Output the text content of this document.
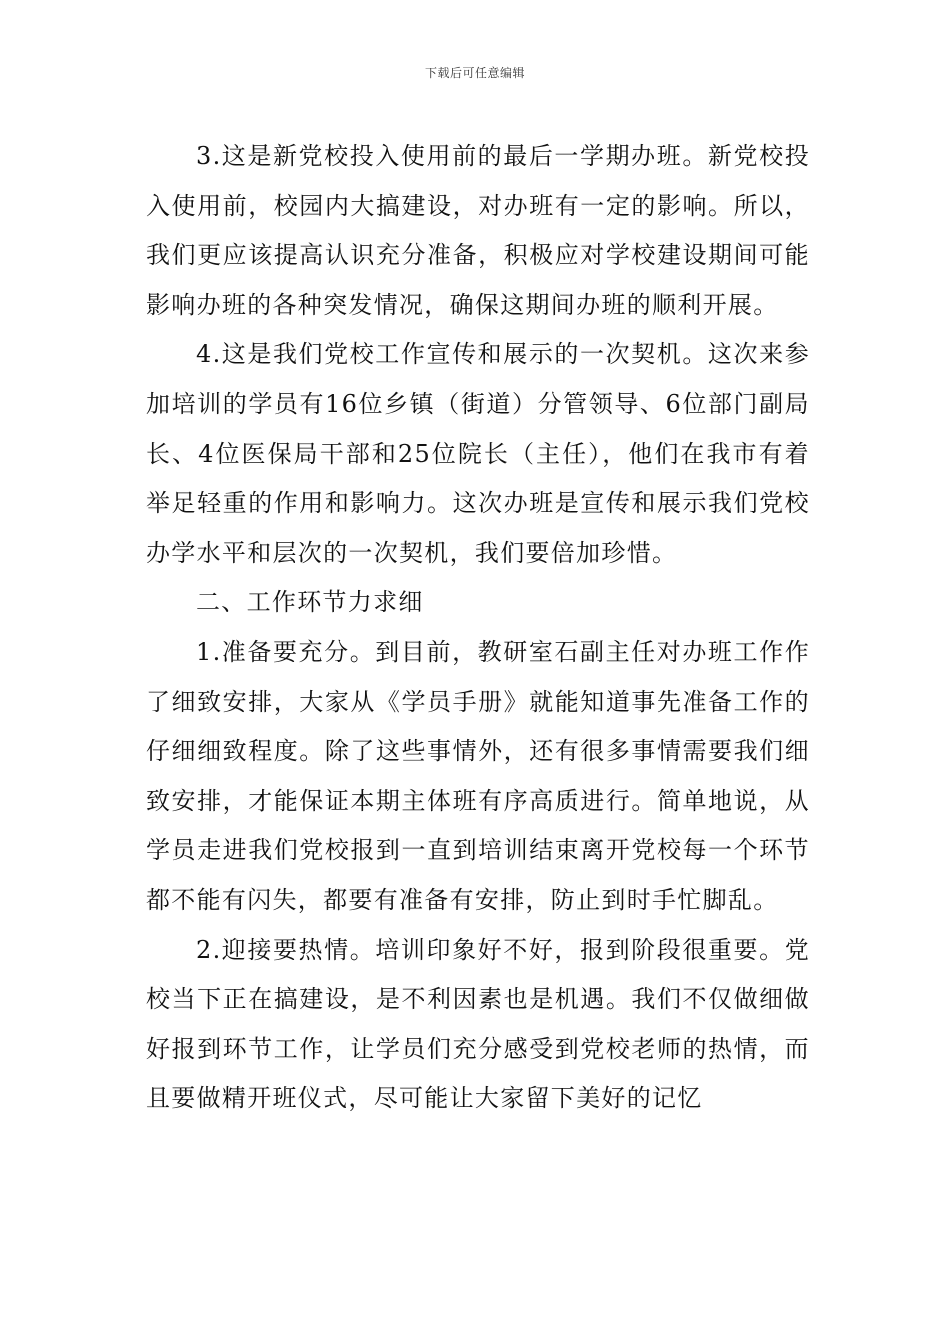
下载后可任意编辑

3.这是新党校投入使用前的最后一学期办班。新党校投入使用前，校园内大搞建设，对办班有一定的影响。所以，我们更应该提高认识充分准备，积极应对学校建设期间可能影响办班的各种突发情况，确保这期间办班的顺利开展。

4.这是我们党校工作宣传和展示的一次契机。这次来参加培训的学员有16位乡镇（街道）分管领导、6位部门副局长、4位医保局干部和25位院长（主任），他们在我市有着举足轻重的作用和影响力。这次办班是宣传和展示我们党校办学水平和层次的一次契机，我们要倍加珍惜。

二、工作环节力求细

1.准备要充分。到目前，教研室石副主任对办班工作作了细致安排，大家从《学员手册》就能知道事先准备工作的仔细细致程度。除了这些事情外，还有很多事情需要我们细致安排，才能保证本期主体班有序高质进行。简单地说，从学员走进我们党校报到一直到培训结束离开党校每一个环节都不能有闪失，都要有准备有安排，防止到时手忙脚乱。

2.迎接要热情。培训印象好不好，报到阶段很重要。党校当下正在搞建设，是不利因素也是机遇。我们不仅做细做好报到环节工作，让学员们充分感受到党校老师的热情，而且要做精开班仪式，尽可能让大家留下美好的记忆
